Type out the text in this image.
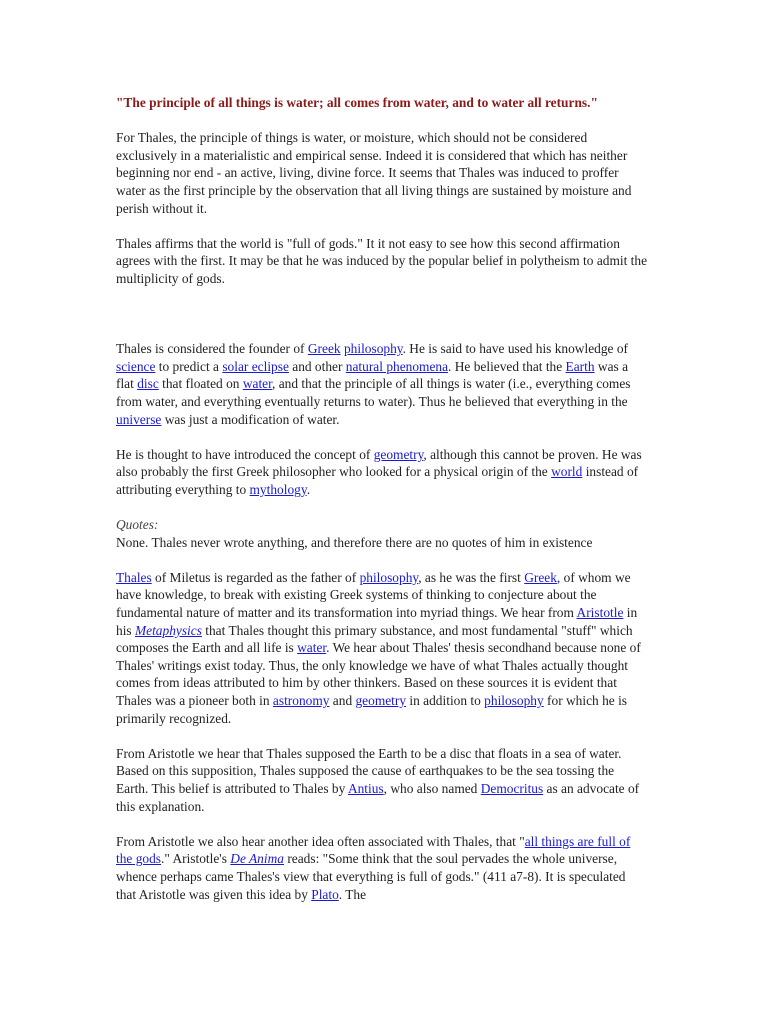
"The principle of all things is water; all comes from water, and to water all returns."

For Thales, the principle of things is water, or moisture, which should not be considered exclusively in a materialistic and empirical sense. Indeed it is considered that which has neither beginning nor end - an active, living, divine force. It seems that Thales was induced to proffer water as the first principle by the observation that all living things are sustained by moisture and perish without it.

Thales affirms that the world is "full of gods." It it not easy to see how this second affirmation agrees with the first. It may be that he was induced by the popular belief in polytheism to admit the multiplicity of gods.

Thales is considered the founder of Greek philosophy. He is said to have used his knowledge of science to predict a solar eclipse and other natural phenomena. He believed that the Earth was a flat disc that floated on water, and that the principle of all things is water (i.e., everything comes from water, and everything eventually returns to water). Thus he believed that everything in the universe was just a modification of water.

He is thought to have introduced the concept of geometry, although this cannot be proven. He was also probably the first Greek philosopher who looked for a physical origin of the world instead of attributing everything to mythology.

Quotes:
None. Thales never wrote anything, and therefore there are no quotes of him in existence

Thales of Miletus is regarded as the father of philosophy, as he was the first Greek, of whom we have knowledge, to break with existing Greek systems of thinking to conjecture about the fundamental nature of matter and its transformation into myriad things. We hear from Aristotle in his Metaphysics that Thales thought this primary substance, and most fundamental "stuff" which composes the Earth and all life is water. We hear about Thales' thesis secondhand because none of Thales' writings exist today. Thus, the only knowledge we have of what Thales actually thought comes from ideas attributed to him by other thinkers. Based on these sources it is evident that Thales was a pioneer both in astronomy and geometry in addition to philosophy for which he is primarily recognized.

From Aristotle we hear that Thales supposed the Earth to be a disc that floats in a sea of water. Based on this supposition, Thales supposed the cause of earthquakes to be the sea tossing the Earth. This belief is attributed to Thales by Antius, who also named Democritus as an advocate of this explanation.

From Aristotle we also hear another idea often associated with Thales, that "all things are full of the gods." Aristotle's De Anima reads: "Some think that the soul pervades the whole universe, whence perhaps came Thales's view that everything is full of gods." (411 a7-8). It is speculated that Aristotle was given this idea by Plato. The
